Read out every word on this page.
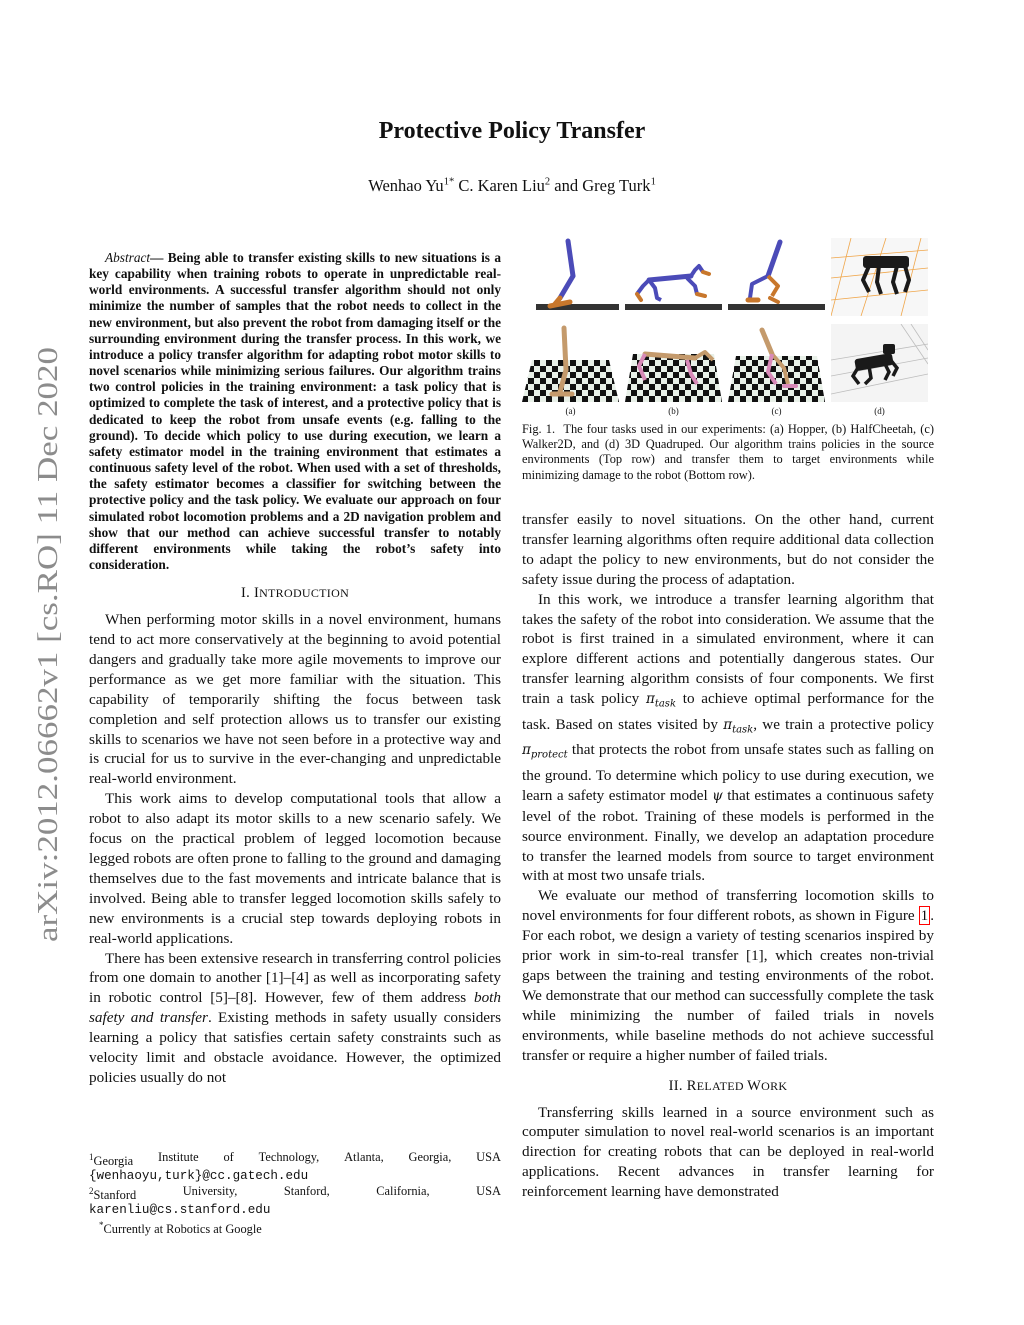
arXiv:2012.06662v1 [cs.RO] 11 Dec 2020
Protective Policy Transfer
Wenhao $Yu^{1*}$ C. Karen Liu$^2$ and Greg Turk$^1$

Abstract— Being able to transfer existing skills to new situations is a key capability when training robots to operate in unpredictable real-world environments. A successful transfer algorithm should not only minimize the number of samples that the robot needs to collect in the new environment, but also prevent the robot from damaging itself or the surrounding environment during the transfer process. In this work, we introduce a policy transfer algorithm for adapting robot motor skills to novel scenarios while minimizing serious failures. Our algorithm trains two control policies in the training environment: a task policy that is optimized to complete the task of interest, and a protective policy that is dedicated to keep the robot from unsafe events (e.g. falling to the ground). To decide which policy to use during execution, we learn a safety estimator model in the training environment that estimates a continuous safety level of the robot. When used with a set of thresholds, the safety estimator becomes a classifier for switching between the protective policy and the task policy. We evaluate our approach on four simulated robot locomotion problems and a 2D navigation problem and show that our method can achieve successful transfer to notably different environments while taking the robot’s safety into consideration.

I. INTRODUCTION

When performing motor skills in a novel environment, humans tend to act more conservatively at the beginning to avoid potential dangers and gradually take more agile movements to improve our performance as we get more familiar with the situation. This capability of temporarily shifting the focus between task completion and self protection allows us to transfer our existing skills to scenarios we have not seen before in a protective way and is crucial for us to survive in the ever-changing and unpredictable real-world environment.

This work aims to develop computational tools that allow a robot to also adapt its motor skills to a new scenario safely. We focus on the practical problem of legged locomotion because legged robots are often prone to falling to the ground and damaging themselves due to the fast movements and intricate balance that is involved. Being able to transfer legged locomotion skills safely to new environments is a crucial step towards deploying robots in real-world applications.

There has been extensive research in transferring control policies from one domain to another [1]–[4] as well as incorporating safety in robotic control [5]–[8]. However, few of them address both safety and transfer. Existing methods in safety usually considers learning a policy that satisfies certain safety constraints such as velocity limit and obstacle avoidance. However, the optimized policies usually do not

$^1$Georgia Institute of Technology, Atlanta, Georgia, USA
{wenhaoyu,turk}@cc.gatech.edu
$^2$Stanford	University,	Stanford,	California,	USA
karenliu@cs.stanford.edu
*Currently at Robotics at Google
(a)	(b)	(c)	(d)
Fig. 1. The four tasks used in our experiments: (a) Hopper, (b) HalfCheetah, (c) Walker2D, and (d) 3D Quadruped. Our algorithm trains policies in the source environments (Top row) and transfer them to target environments while minimizing damage to the robot (Bottom row).

transfer easily to novel situations. On the other hand, current transfer learning algorithms often require additional data collection to adapt the policy to new environments, but do not consider the safety issue during the process of adaptation.

In this work, we introduce a transfer learning algorithm that takes the safety of the robot into consideration. We assume that the robot is first trained in a simulated environment, where it can explore different actions and potentially dangerous states. Our transfer learning algorithm consists of four components. We first train a task policy $\pi_{task}$ to achieve optimal performance for the task. Based on states visited by $\pi_{task}$, we train a protective policy $\pi_{protect}$ that protects the robot from unsafe states such as falling on the ground. To determine which policy to use during execution, we learn a safety estimator model ψ that estimates a continuous safety level of the robot. Training of these models is performed in the source environment. Finally, we develop an adaptation procedure to transfer the learned models from source to target environment with at most two unsafe trials.

We evaluate our method of transferring locomotion skills to novel environments for four different robots, as shown in Figure 1 . For each robot, we design a variety of testing scenarios inspired by prior work in sim-to-real transfer [1], which creates non-trivial gaps between the training and testing environments of the robot. We demonstrate that our method can successfully complete the task while minimizing the number of failed trials in novels environments, while baseline methods do not achieve successful transfer or require a higher number of failed trials.

II. RELATED WORK

Transferring skills learned in a source environment such as computer simulation to novel real-world scenarios is an important direction for creating robots that can be deployed in real-world applications. Recent advances in transfer learning for reinforcement learning have demonstrated
